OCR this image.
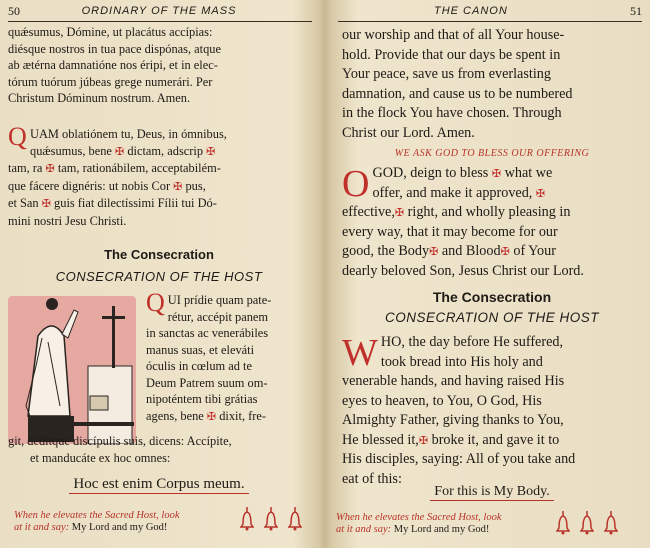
50	ORDINARY OF THE MASS
quǽsumus, Dómine, ut placátus accípias:
diésque nostros in tua pace dispónas, atque
ab ætérna damnatióne nos éripi, et in elec-
tórum tuórum júbeas grege numerári. Per
Christum Dóminum nostrum. Amen.
Q UAM oblatiónem tu, Deus, in ómnibus,
quǽsumus, bene ✠ dictam, adscrip ✠
tam, ra ✠ tam, rationábilem, acceptabilém-
que fácere dignéris: ut nobis Cor ✠ pus,
et San ✠ guis fiat dilectíssimi Fílii tui Dó-
mini nostri Jesu Christi.
The Consecration
CONSECRATION OF THE HOST
Q UI prídie quam pate-
rétur, accépit panem
in sanctas ac venerábiles
manus suas, et eleváti
óculis in cœlum ad te
Deum Patrem suum om-
nipoténtem tibi grátias
agens, bene ✠ dixit, fre-
git, dedítque discípulis suis, dicens: Accípite,
et manducáte ex hoc omnes:
Hoc est enim Corpus meum.
When he elevates the Sacred Host, look
at it and say: My Lord and my God!
THE CANON	51
our worship and that of all Your house-
hold. Provide that our days be spent in
Your peace, save us from everlasting
damnation, and cause us to be numbered
in the flock You have chosen. Through
Christ our Lord. Amen.
WE ASK GOD TO BLESS OUR OFFERING
O GOD, deign to bless ✠ what we
offer, and make it approved, ✠
effective,✠ right, and wholly pleasing in
every way, that it may become for our
good, the Body✠ and Blood✠ of Your
dearly beloved Son, Jesus Christ our Lord.
The Consecration
CONSECRATION OF THE HOST
W HO, the day before He suffered,
took bread into His holy and
venerable hands, and having raised His
eyes to heaven, to You, O God, His
Almighty Father, giving thanks to You,
He blessed it,✠ broke it, and gave it to
His disciples, saying: All of you take and
eat of this:
For this is My Body.
When he elevates the Sacred Host, look
at it and say: My Lord and my God!
